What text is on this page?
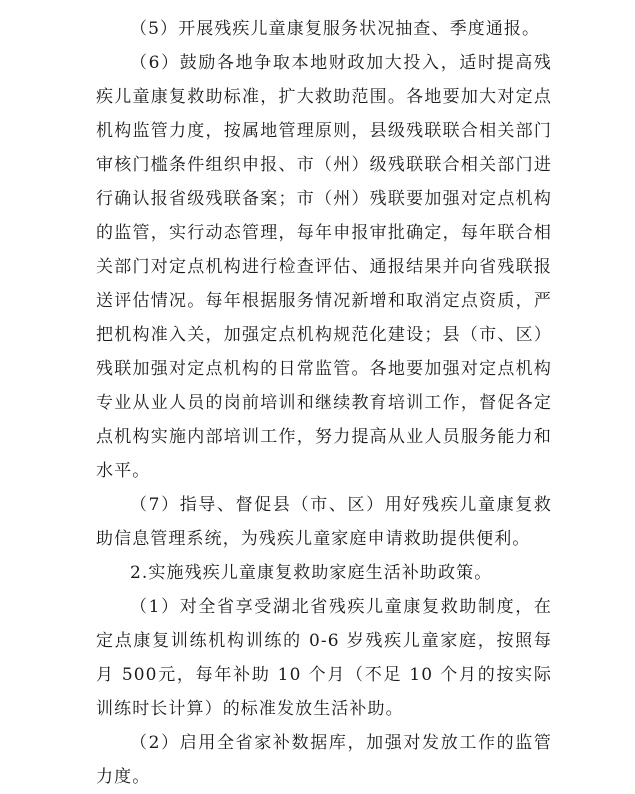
（5）开展残疾儿童康复服务状况抽查、季度通报。

（6）鼓励各地争取本地财政加大投入，适时提高残疾儿童康复救助标准，扩大救助范围。各地要加大对定点机构监管力度，按属地管理原则，县级残联联合相关部门审核门槛条件组织申报、市（州）级残联联合相关部门进行确认报省级残联备案；市（州）残联要加强对定点机构的监管，实行动态管理，每年申报审批确定，每年联合相关部门对定点机构进行检查评估、通报结果并向省残联报送评估情况。每年根据服务情况新增和取消定点资质，严把机构准入关，加强定点机构规范化建设；县（市、区）残联加强对定点机构的日常监管。各地要加强对定点机构专业从业人员的岗前培训和继续教育培训工作，督促各定点机构实施内部培训工作，努力提高从业人员服务能力和水平。

（7）指导、督促县（市、区）用好残疾儿童康复救助信息管理系统，为残疾儿童家庭申请救助提供便利。

2.实施残疾儿童康复救助家庭生活补助政策。

（1）对全省享受湖北省残疾儿童康复救助制度，在定点康复训练机构训练的 0-6 岁残疾儿童家庭，按照每月 500元，每年补助 10 个月（不足 10 个月的按实际训练时长计算）的标准发放生活补助。

（2）启用全省家补数据库，加强对发放工作的监管力度。
